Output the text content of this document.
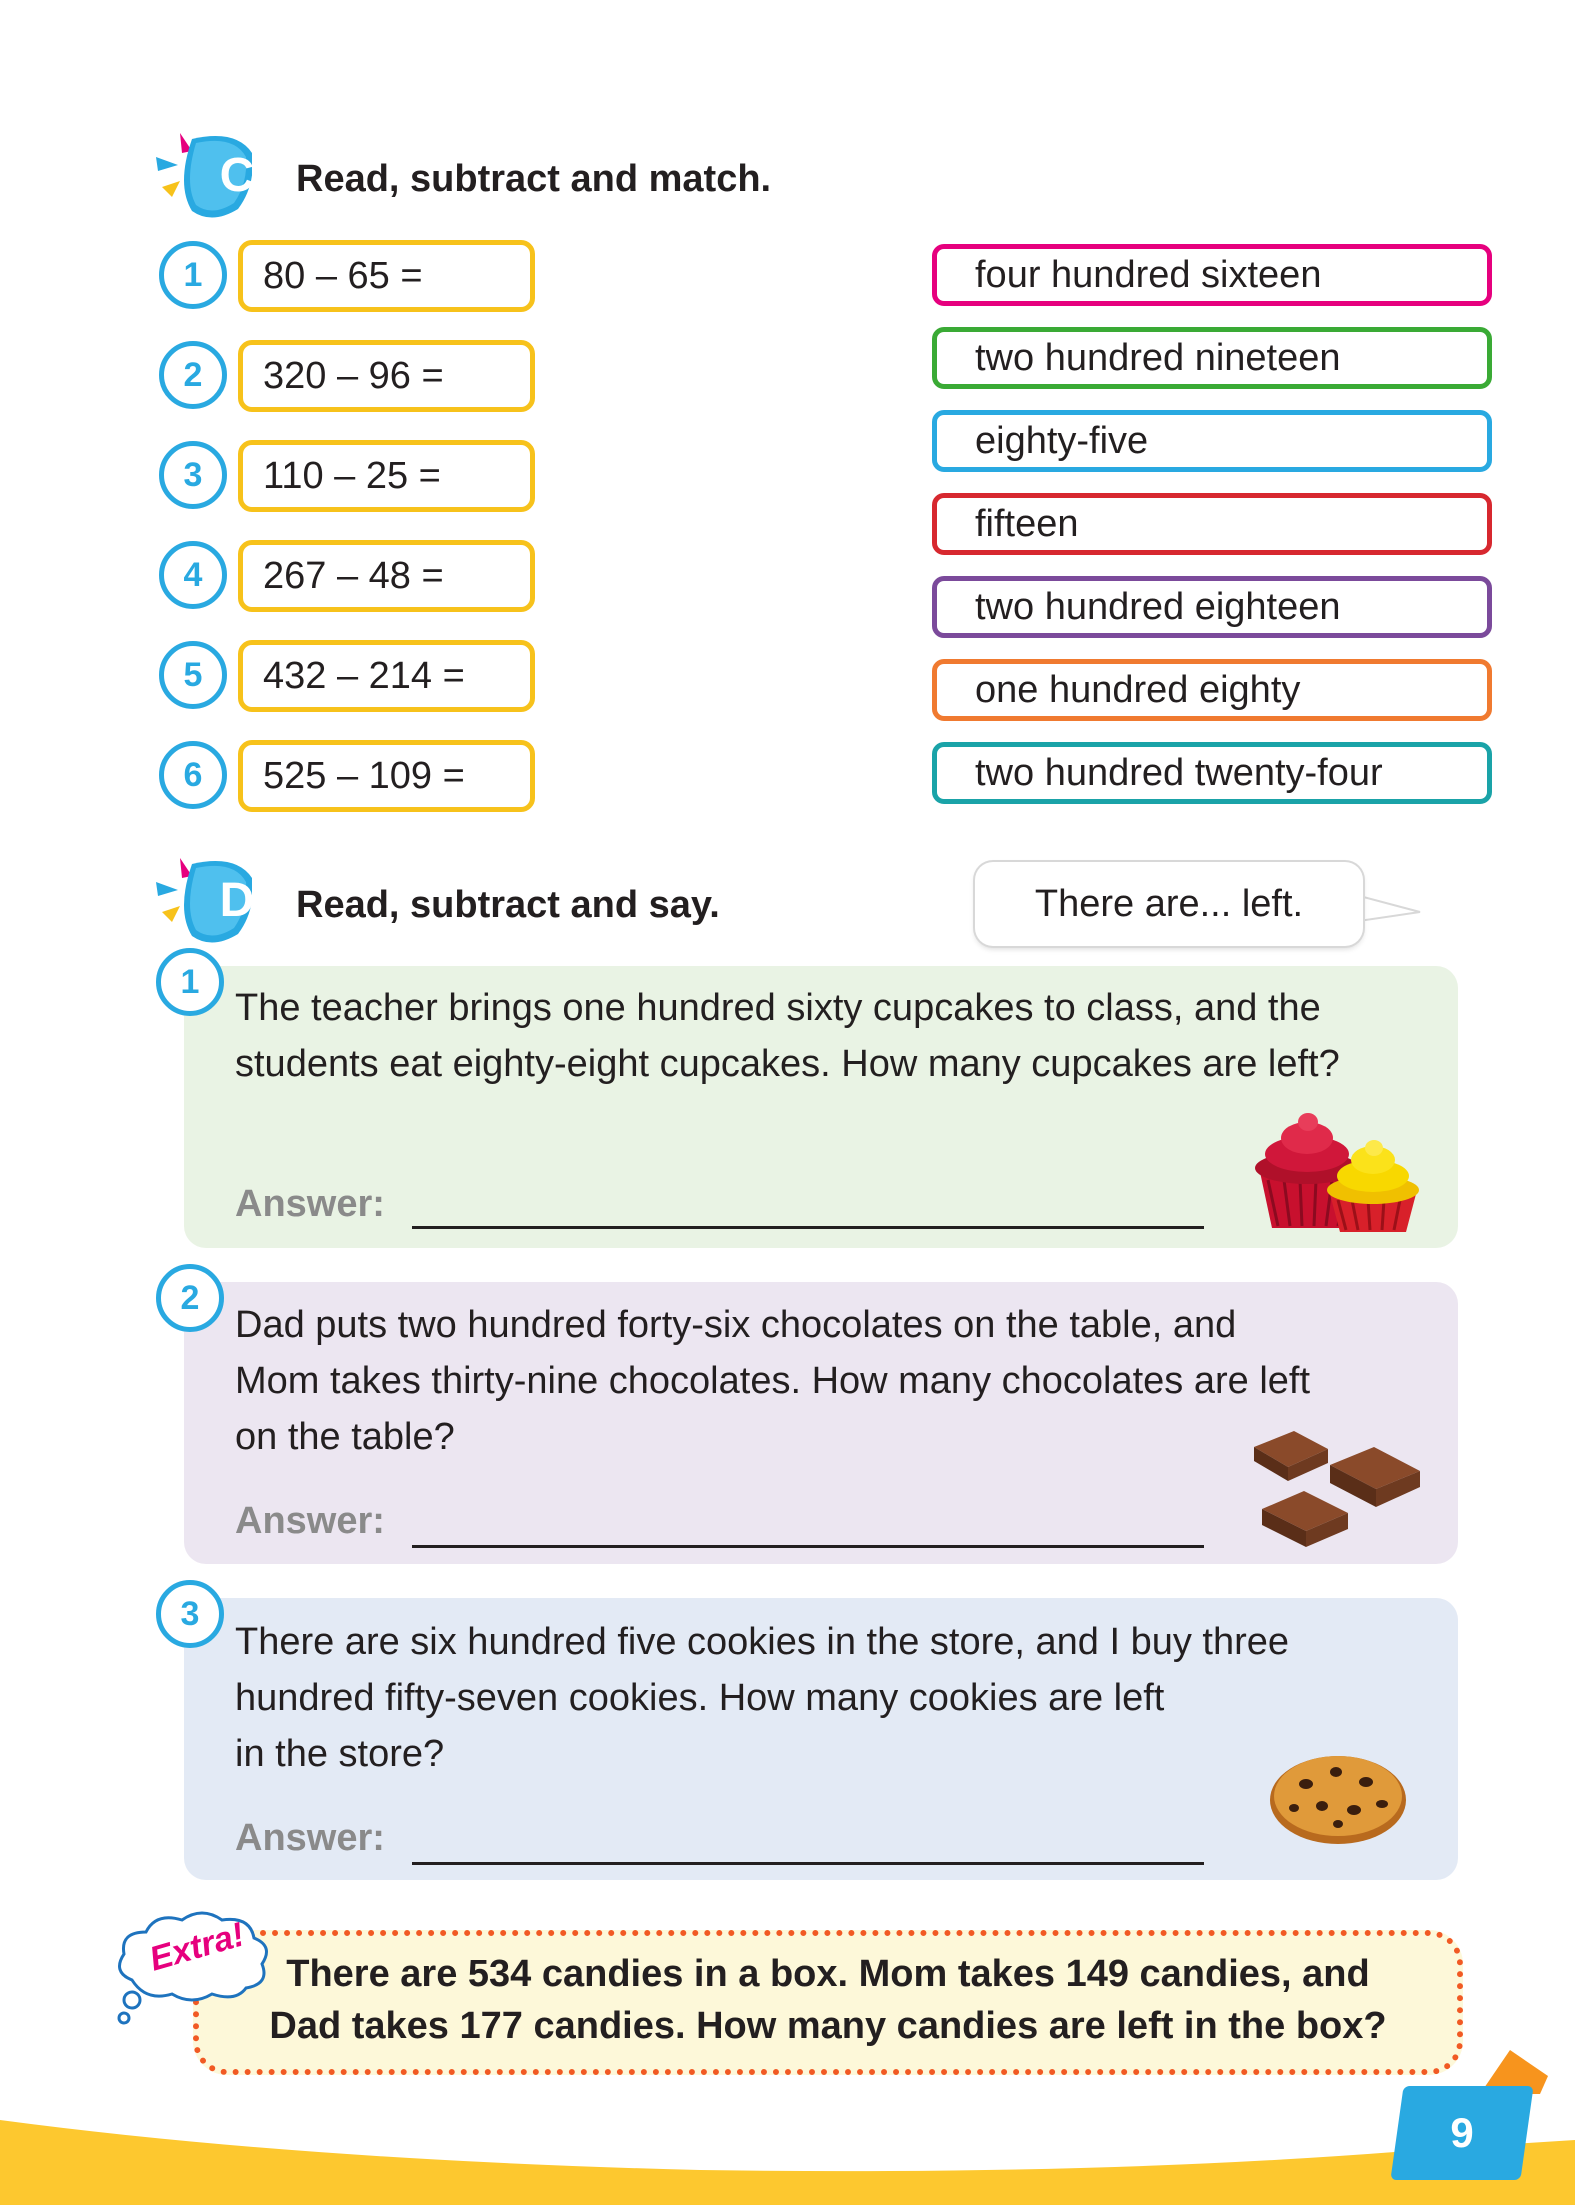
C	Read, subtract and match.
1	80 – 65 =
2	320 – 96 =
3	110 – 25 =
4	267 – 48 =
5	432 – 214 =
6	525 – 109 =
four hundred sixteen
two hundred nineteen
eighty-five
fifteen
two hundred eighteen
one hundred eighty
two hundred twenty-four
D	Read, subtract and say.	There are... left.
1
The teacher brings one hundred sixty cupcakes to class, and the
students eat eighty-eight cupcakes. How many cupcakes are left?
Answer:
2
Dad puts two hundred forty-six chocolates on the table, and
Mom takes thirty-nine chocolates. How many chocolates are left
on the table?
Answer:
3
There are six hundred five cookies in the store, and I buy three
hundred fifty-seven cookies. How many cookies are left
in the store?
Answer:
There are 534 candies in a box. Mom takes 149 candies, and
Dad takes 177 candies. How many candies are left in the box?
Extra!
9
